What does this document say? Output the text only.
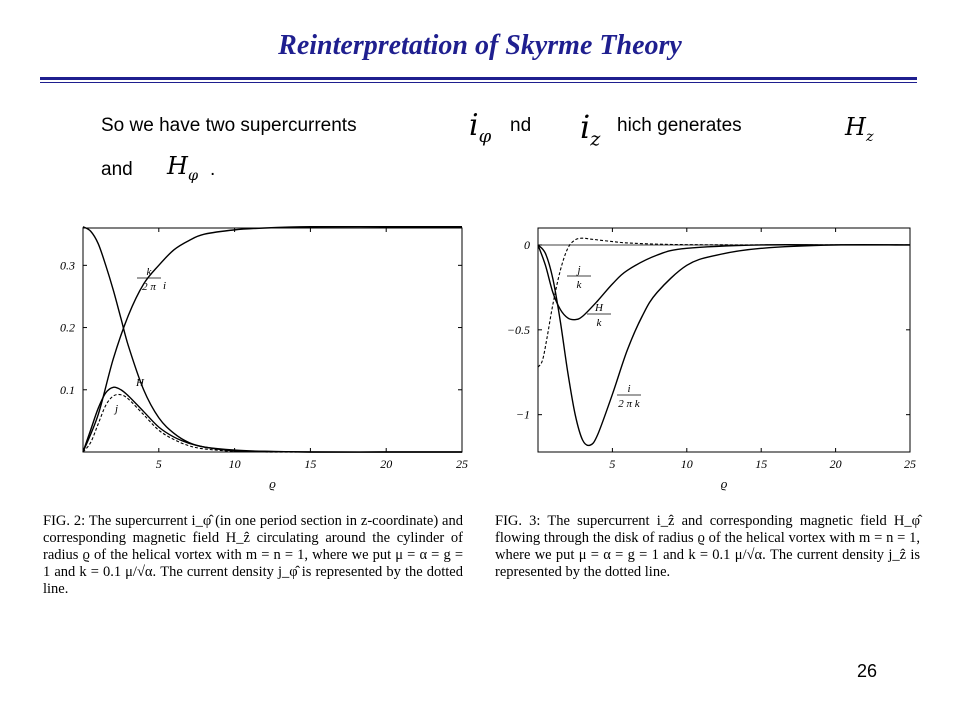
Reinterpretation of Skyrme Theory
So we have two supercurrents	$i_\varphi$
nd $i_z$
hich generates	$H_z$
and $H_\varphi$ .
5	10	15	20	25
0.1
0.2
0.3
ϱ
5	10	15	20	25
0
−0.5
−1
ϱ
k
2 π i
H
j
j
k
H
k
i
2 π k
FIG. 2: The supercurrent i_φ̂ (in one period section in z-coordinate) and corresponding magnetic field H_ẑ circulating around the cylinder of radius ϱ of the helical vortex with m = n = 1, where we put μ = α = g = 1 and k = 0.1 μ/√α. The current density j_φ̂ is represented by the dotted line.
FIG. 3: The supercurrent i_ẑ and corresponding magnetic field H_φ̂ flowing through the disk of radius ϱ of the helical vortex with m = n = 1, where we put μ = α = g = 1 and k = 0.1 μ/√α. The current density j_ẑ is represented by the dotted line.
26
